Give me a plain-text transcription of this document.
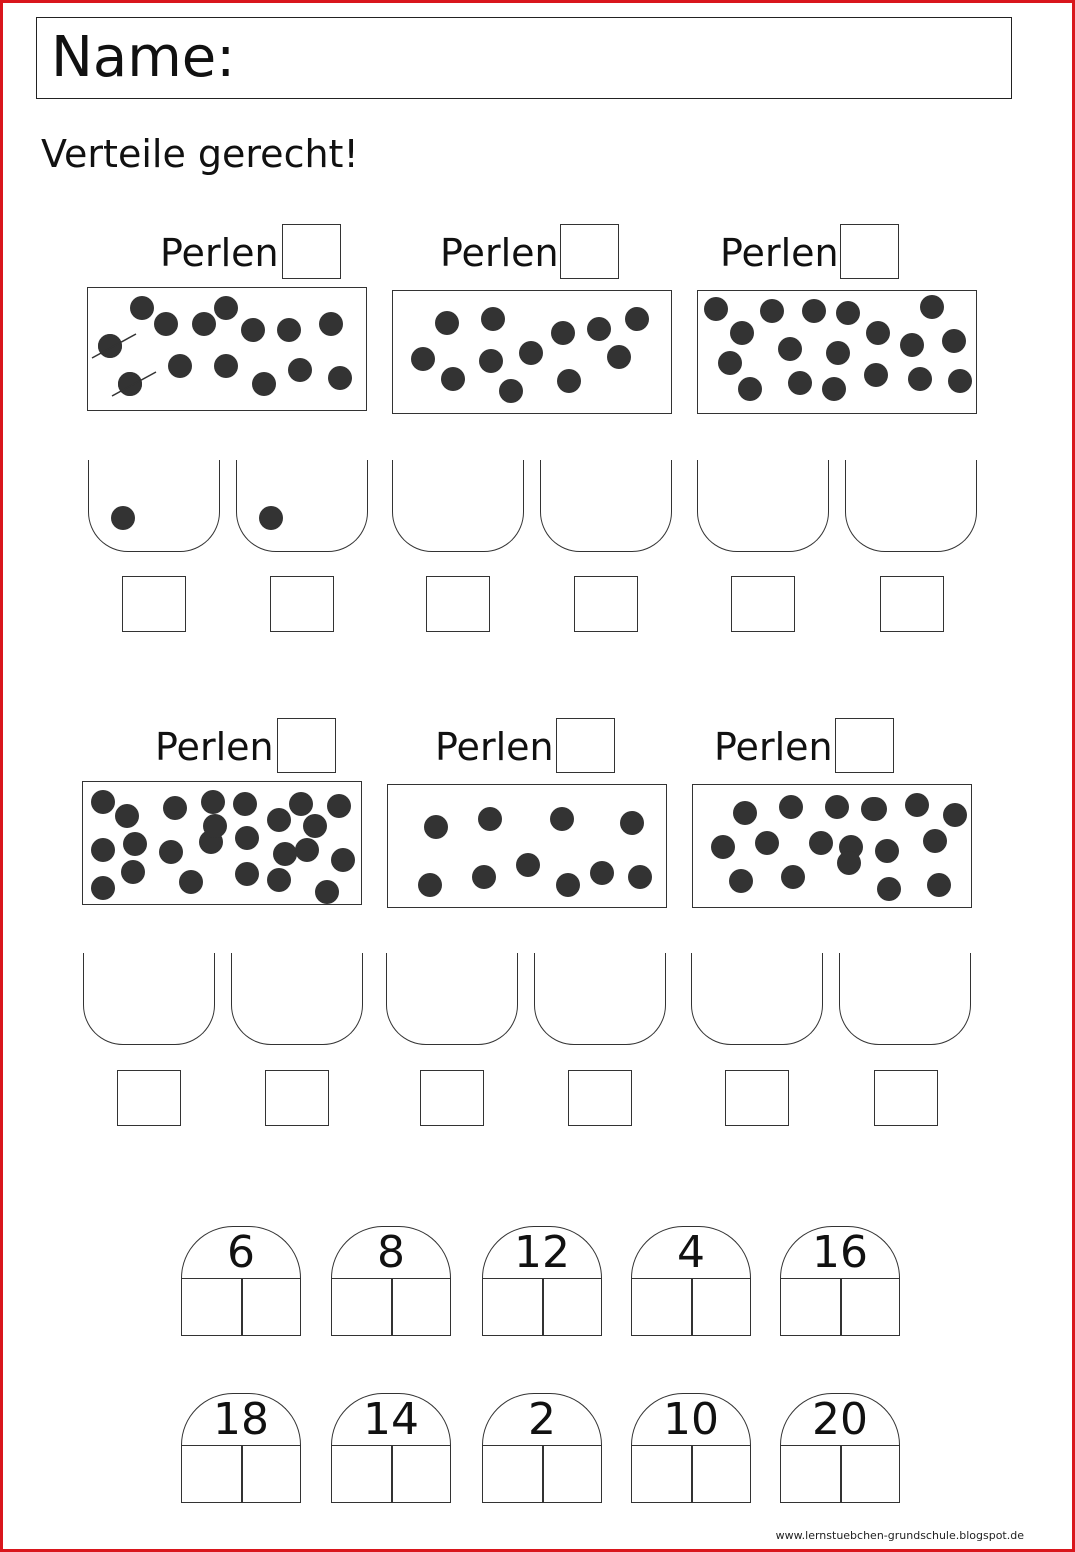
Name:
Verteile gerecht!
Perlen	Perlen	Perlen
Perlen	Perlen	Perlen
6	8	12	4	16
18	14	2	10	20
www.lernstuebchen-grundschule.blogspot.de
